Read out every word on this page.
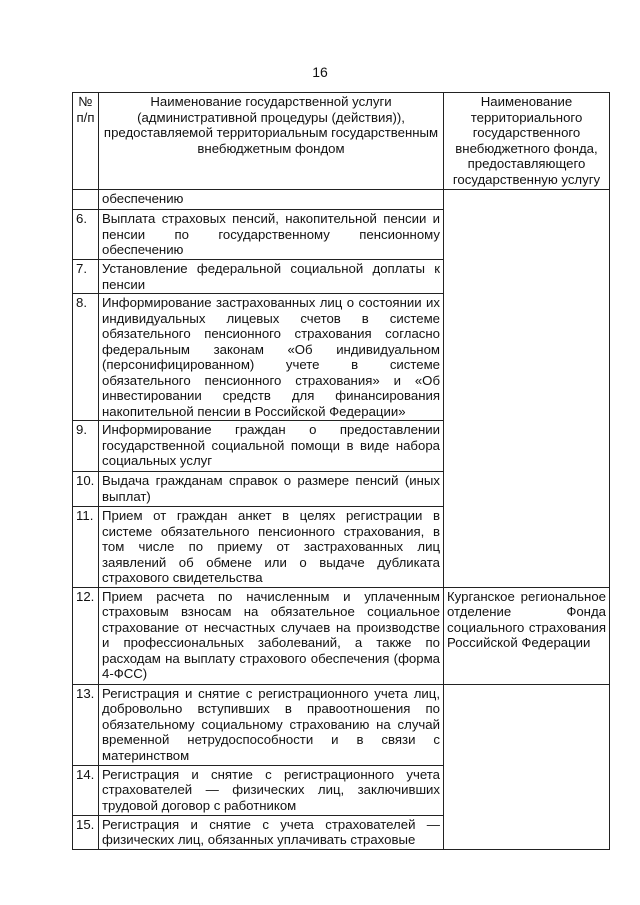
16
№ п/п	Наименование государственной услуги (административной процедуры (действия)), предоставляемой территориальным государственным внебюджетным фондом	Наименование территориального государственного внебюджетного фонда, предоставляющего государственную услугу
	обеспечению	
6.	Выплата страховых пенсий, накопительной пенсии и пенсии по государственному пенсионному обеспечению	
7.	Установление федеральной социальной доплаты к пенсии	
8.	Информирование застрахованных лиц о состоянии их индивидуальных лицевых счетов в системе обязательного пенсионного страхования согласно федеральным законам «Об индивидуальном (персонифицированном) учете в системе обязательного пенсионного страхования» и «Об инвестировании средств для финансирования накопительной пенсии в Российской Федерации»	
9.	Информирование граждан о предоставлении государственной социальной помощи в виде набора социальных услуг	
10.	Выдача гражданам справок о размере пенсий (иных выплат)	
11.	Прием от граждан анкет в целях регистрации в системе обязательного пенсионного страхования, в том числе по приему от застрахованных лиц заявлений об обмене или о выдаче дубликата страхового свидетельства	
12.	Прием расчета по начисленным и уплаченным страховым взносам на обязательное социальное страхование от несчастных случаев на производстве и профессиональных заболеваний, а также по расходам на выплату страхового обеспечения (форма 4-ФСС)	Курганское региональное отделение Фонда социального страхования Российской Федерации
13.	Регистрация и снятие с регистрационного учета лиц, добровольно вступивших в правоотношения по обязательному социальному страхованию на случай временной нетрудоспособности и в связи с материнством	
14.	Регистрация и снятие с регистрационного учета страхователей — физических лиц, заключивших трудовой договор с работником	
15.	Регистрация и снятие с учета страхователей — физических лиц, обязанных уплачивать страховые	
